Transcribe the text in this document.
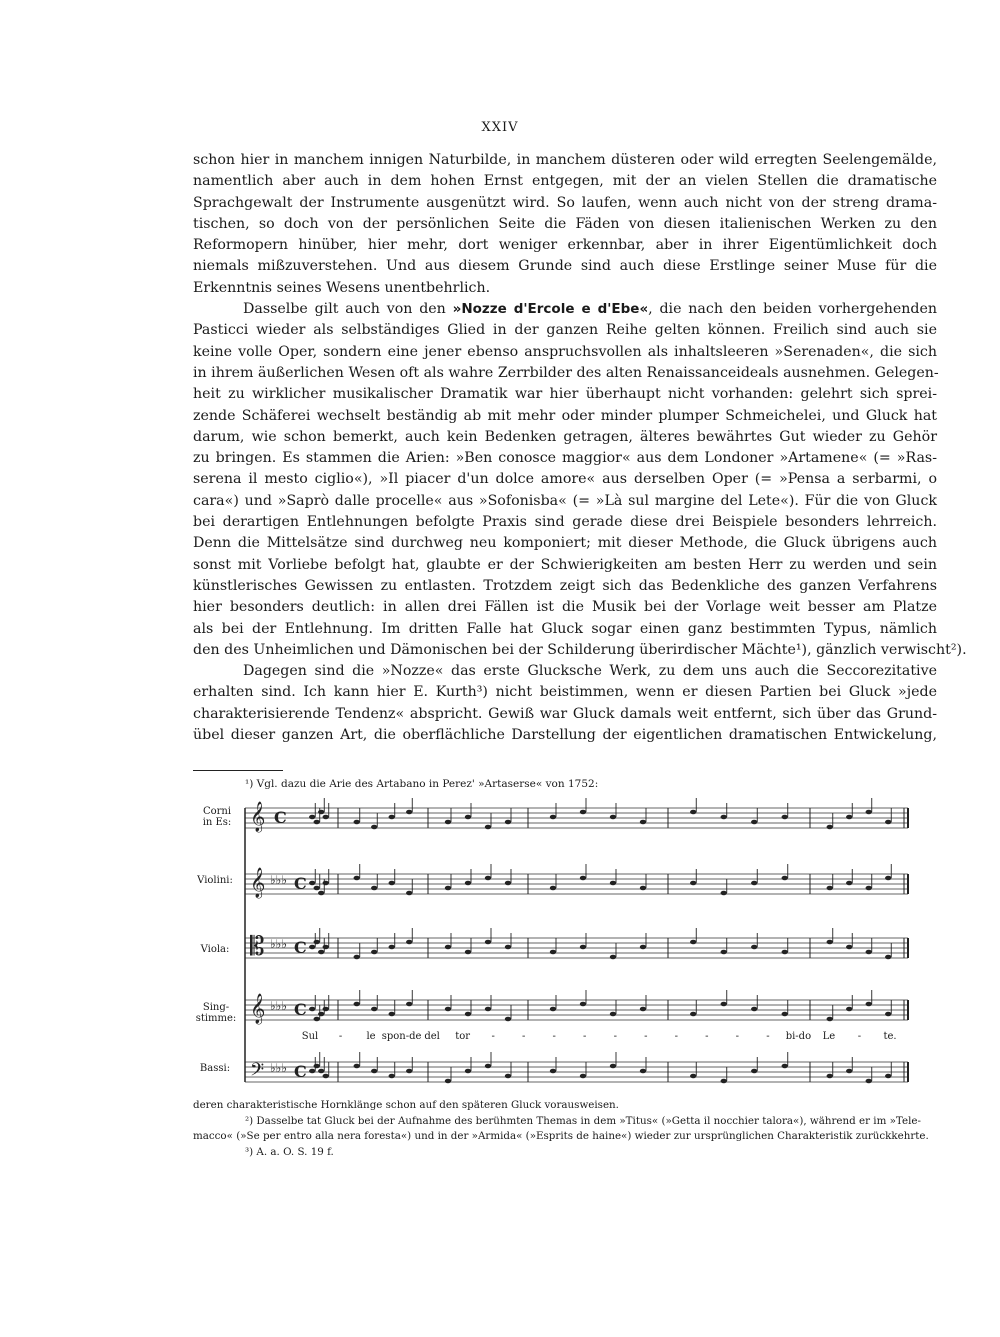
XXIV
schon hier in manchem innigen Naturbilde, in manchem düsteren oder wild erregten Seelengemälde,
namentlich aber auch in dem hohen Ernst entgegen, mit der an vielen Stellen die dramatische
Sprachgewalt der Instrumente ausgenützt wird. So laufen, wenn auch nicht von der streng drama-
tischen, so doch von der persönlichen Seite die Fäden von diesen italienischen Werken zu den
Reformopern hinüber, hier mehr, dort weniger erkennbar, aber in ihrer Eigentümlichkeit doch
niemals mißzuverstehen. Und aus diesem Grunde sind auch diese Erstlinge seiner Muse für die
Erkenntnis seines Wesens unentbehrlich.
Dasselbe gilt auch von den »Nozze d'Ercole e d'Ebe«, die nach den beiden vorhergehenden
Pasticci wieder als selbständiges Glied in der ganzen Reihe gelten können. Freilich sind auch sie
keine volle Oper, sondern eine jener ebenso anspruchsvollen als inhaltsleeren »Serenaden«, die sich
in ihrem äußerlichen Wesen oft als wahre Zerrbilder des alten Renaissanceideals ausnehmen. Gelegen-
heit zu wirklicher musikalischer Dramatik war hier überhaupt nicht vorhanden: gelehrt sich sprei-
zende Schäferei wechselt beständig ab mit mehr oder minder plumper Schmeichelei, und Gluck hat
darum, wie schon bemerkt, auch kein Bedenken getragen, älteres bewährtes Gut wieder zu Gehör
zu bringen. Es stammen die Arien: »Ben conosce maggior« aus dem Londoner »Artamene« (= »Ras-
serena il mesto ciglio«), »Il piacer d'un dolce amore« aus derselben Oper (= »Pensa a serbarmi, o
cara«) und »Saprò dalle procelle« aus »Sofonisba« (= »Là sul margine del Lete«). Für die von Gluck
bei derartigen Entlehnungen befolgte Praxis sind gerade diese drei Beispiele besonders lehrreich.
Denn die Mittelsätze sind durchweg neu komponiert; mit dieser Methode, die Gluck übrigens auch
sonst mit Vorliebe befolgt hat, glaubte er der Schwierigkeiten am besten Herr zu werden und sein
künstlerisches Gewissen zu entlasten. Trotzdem zeigt sich das Bedenkliche des ganzen Verfahrens
hier besonders deutlich: in allen drei Fällen ist die Musik bei der Vorlage weit besser am Platze
als bei der Entlehnung. Im dritten Falle hat Gluck sogar einen ganz bestimmten Typus, nämlich
den des Unheimlichen und Dämonischen bei der Schilderung überirdischer Mächte¹), gänzlich verwischt²).
Dagegen sind die »Nozze« das erste Glucksche Werk, zu dem uns auch die Seccorezitative
erhalten sind. Ich kann hier E. Kurth³) nicht beistimmen, wenn er diesen Partien bei Gluck »jede
charakterisierende Tendenz« abspricht. Gewiß war Gluck damals weit entfernt, sich über das Grund-
übel dieser ganzen Art, die oberflächliche Darstellung der eigentlichen dramatischen Entwickelung,
¹) Vgl. dazu die Arie des Artabano in Perez' »Artaserse« von 1752:
Corni
in Es:
Violini:
Viola:
Sing-
stimme:
Bassi:
𝄞 C
𝄞 ♭♭♭ C
𝄡 ♭♭♭ C
𝄞 ♭♭♭ C
𝄢 ♭♭♭ C
Sul - le spon-de del tor -	-	-	-	-	-	-	-	-	- bi-do Le - te.
deren charakteristische Hornklänge schon auf den späteren Gluck vorausweisen.
²) Dasselbe tat Gluck bei der Aufnahme des berühmten Themas in dem »Titus« (»Getta il nocchier talora«), während er im »Tele-
macco« (»Se per entro alla nera foresta«) und in der »Armida« (»Esprits de haine«) wieder zur ursprünglichen Charakteristik zurückkehrte.
³) A. a. O. S. 19 f.
